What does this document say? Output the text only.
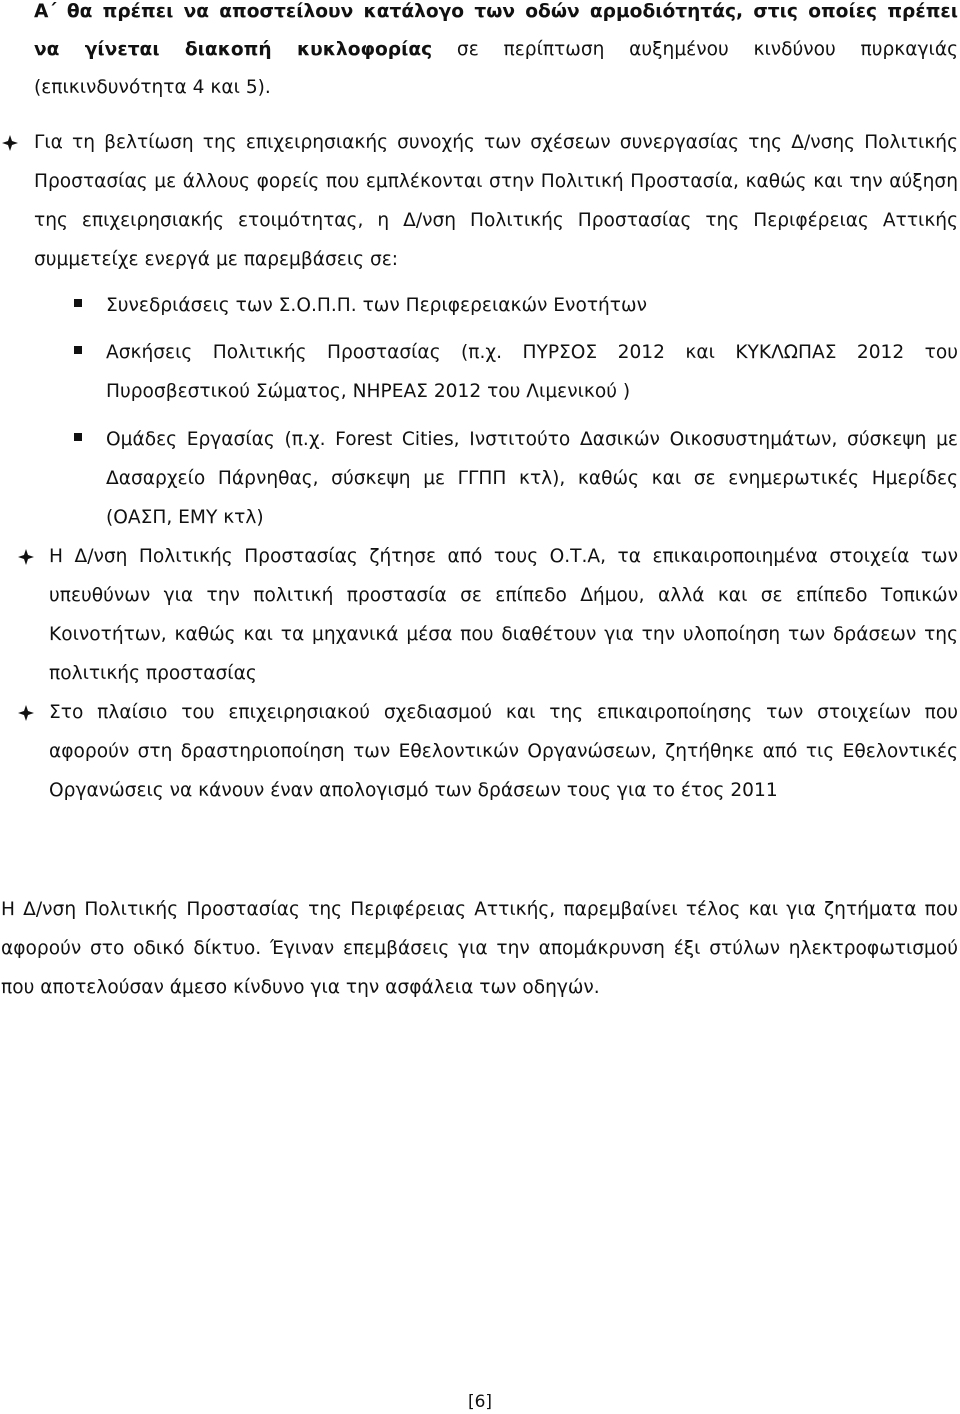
Α΄ θα πρέπει να αποστείλουν κατάλογο των οδών αρμοδιότητάς, στις οποίες πρέπει
να γίνεται διακοπή κυκλοφορίας σε περίπτωση αυξημένου κινδύνου πυρκαγιάς
(επικινδυνότητα 4 και 5).
Για τη βελτίωση της επιχειρησιακής συνοχής των σχέσεων συνεργασίας της Δ/νσης Πολιτικής
Προστασίας με άλλους φορείς που εμπλέκονται στην Πολιτική Προστασία, καθώς και την αύξηση
της επιχειρησιακής ετοιμότητας, η Δ/νση Πολιτικής Προστασίας της Περιφέρειας Αττικής
συμμετείχε ενεργά με παρεμβάσεις σε:
Συνεδριάσεις των Σ.Ο.Π.Π. των Περιφερειακών Ενοτήτων
Ασκήσεις Πολιτικής Προστασίας (π.χ. ΠΥΡΣΟΣ 2012 και ΚΥΚΛΩΠΑΣ 2012 του
Πυροσβεστικού Σώματος, ΝΗΡΕΑΣ 2012 του Λιμενικού )
Ομάδες Εργασίας (π.χ. Forest Cities, Ινστιτούτο Δασικών Οικοσυστημάτων, σύσκεψη με
Δασαρχείο Πάρνηθας, σύσκεψη με ΓΓΠΠ κτλ), καθώς και σε ενημερωτικές Ημερίδες
(ΟΑΣΠ, ΕΜΥ κτλ)
Η Δ/νση Πολιτικής Προστασίας ζήτησε από τους Ο.Τ.Α, τα επικαιροποιημένα στοιχεία των
υπευθύνων για την πολιτική προστασία σε επίπεδο Δήμου, αλλά και σε επίπεδο Τοπικών
Κοινοτήτων, καθώς και τα μηχανικά μέσα που διαθέτουν για την υλοποίηση των δράσεων της
πολιτικής προστασίας
Στο πλαίσιο του επιχειρησιακού σχεδιασμού και της επικαιροποίησης των στοιχείων που
αφορούν στη δραστηριοποίηση των Εθελοντικών Οργανώσεων, ζητήθηκε από τις Εθελοντικές
Οργανώσεις να κάνουν έναν απολογισμό των δράσεων τους για το έτος 2011
Η Δ/νση Πολιτικής Προστασίας της Περιφέρειας Αττικής, παρεμβαίνει τέλος και για ζητήματα που
αφορούν στο οδικό δίκτυο. Έγιναν επεμβάσεις για την απομάκρυνση έξι στύλων ηλεκτροφωτισμού
που αποτελούσαν άμεσο κίνδυνο για την ασφάλεια των οδηγών.
[6]
